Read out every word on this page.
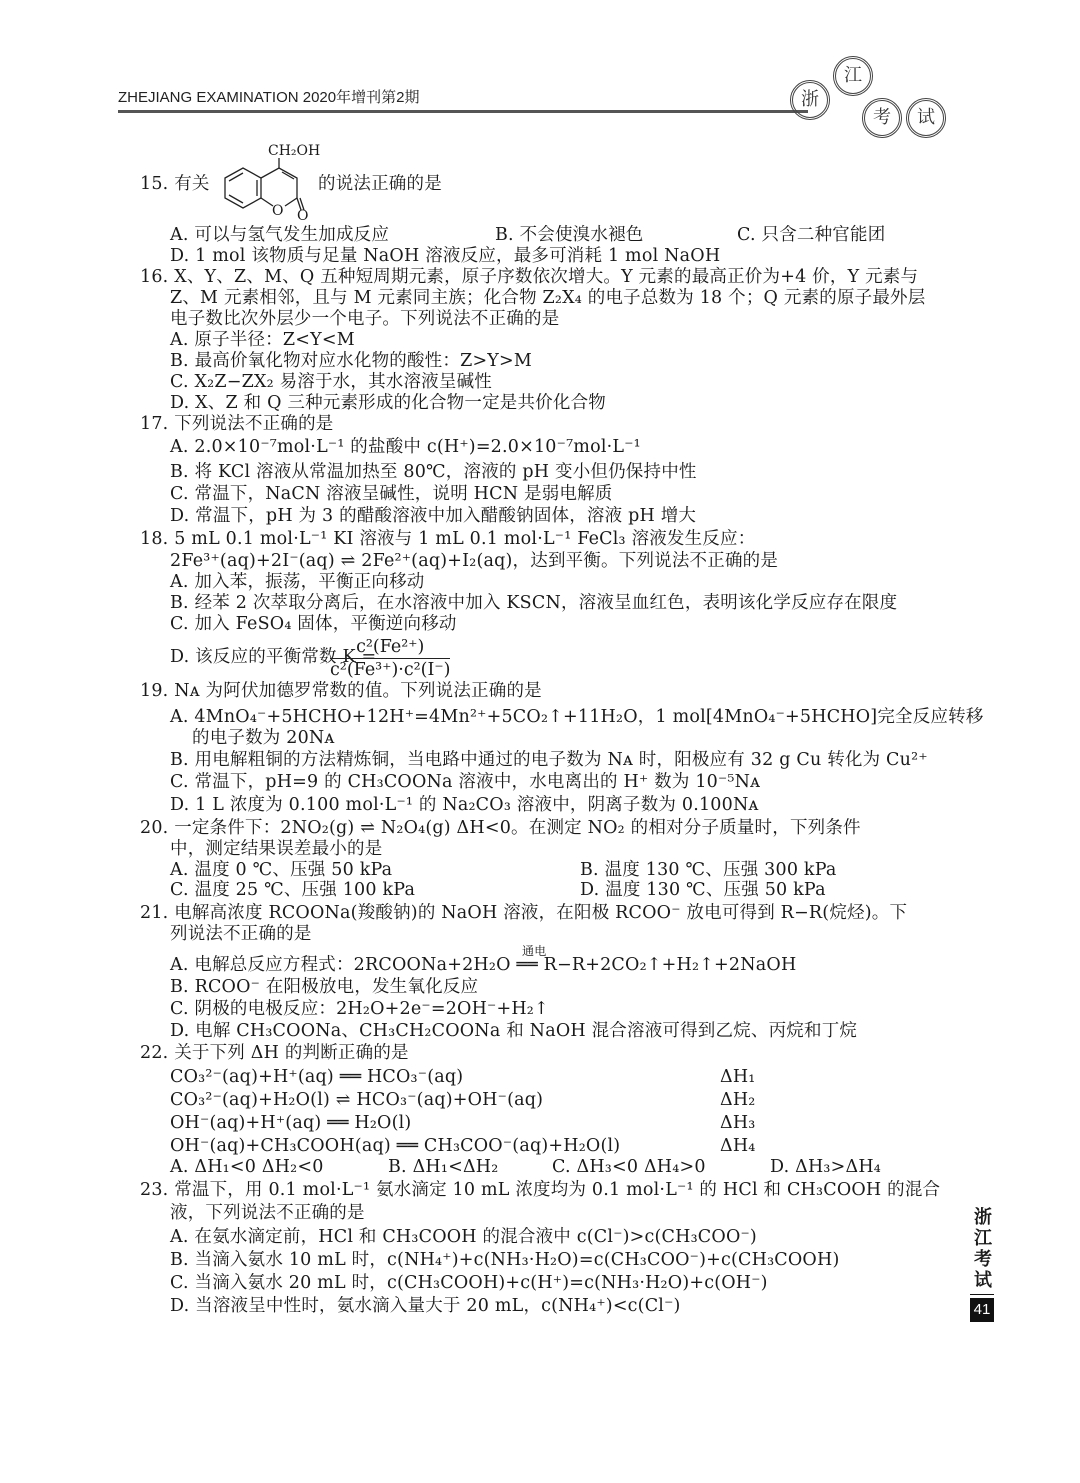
ZHEJIANG EXAMINATION 2020年增刊第2期	浙
江
考	试
15. 有关
CH₂OH
O O
的说法正确的是
A. 可以与氢气发生加成反应	B. 不会使溴水褪色	C. 只含二种官能团
D. 1 mol 该物质与足量 NaOH 溶液反应，最多可消耗 1 mol NaOH
16. X、Y、Z、M、Q 五种短周期元素，原子序数依次增大。Y 元素的最高正价为+4 价，Y 元素与
Z、M 元素相邻，且与 M 元素同主族；化合物 Z₂X₄ 的电子总数为 18 个；Q 元素的原子最外层
电子数比次外层少一个电子。下列说法不正确的是
A. 原子半径：Z<Y<M
B. 最高价氧化物对应水化物的酸性：Z>Y>M
C. X₂Z−ZX₂ 易溶于水，其水溶液呈碱性
D. X、Z 和 Q 三种元素形成的化合物一定是共价化合物
17. 下列说法不正确的是
A. 2.0×10⁻⁷mol·L⁻¹ 的盐酸中 c(H⁺)=2.0×10⁻⁷mol·L⁻¹
B. 将 KCl 溶液从常温加热至 80℃，溶液的 pH 变小但仍保持中性
C. 常温下，NaCN 溶液呈碱性，说明 HCN 是弱电解质
D. 常温下，pH 为 3 的醋酸溶液中加入醋酸钠固体，溶液 pH 增大
18. 5 mL 0.1 mol·L⁻¹ KI 溶液与 1 mL 0.1 mol·L⁻¹ FeCl₃ 溶液发生反应：
2Fe³⁺(aq)+2I⁻(aq) ⇌ 2Fe²⁺(aq)+I₂(aq)，达到平衡。下列说法不正确的是
A. 加入苯，振荡，平衡正向移动
B. 经苯 2 次萃取分离后，在水溶液中加入 KSCN，溶液呈血红色，表明该化学反应存在限度
C. 加入 FeSO₄ 固体，平衡逆向移动
D. 该反应的平衡常数 K =
$\frac{\text{c²(Fe²⁺)}}{\text{c²(Fe³⁺)·c²(I⁻)}}$
19. Nᴀ 为阿伏加德罗常数的值。下列说法正确的是
A. 4MnO₄⁻+5HCHO+12H⁺=4Mn²⁺+5CO₂↑+11H₂O，1 mol[4MnO₄⁻+5HCHO]完全反应转移
的电子数为 20Nᴀ
B. 用电解粗铜的方法精炼铜，当电路中通过的电子数为 Nᴀ 时，阳极应有 32 g Cu 转化为 Cu²⁺
C. 常温下，pH=9 的 CH₃COONa 溶液中，水电离出的 H⁺ 数为 10⁻⁵Nᴀ
D. 1 L 浓度为 0.100 mol·L⁻¹ 的 Na₂CO₃ 溶液中，阴离子数为 0.100Nᴀ
20. 一定条件下：2NO₂(g) ⇌ N₂O₄(g) ΔH<0。在测定 NO₂ 的相对分子质量时，下列条件
中，测定结果误差最小的是
A. 温度 0 ℃、压强 50 kPa	B. 温度 130 ℃、压强 300 kPa
C. 温度 25 ℃、压强 100 kPa	D. 温度 130 ℃、压强 50 kPa
21. 电解高浓度 RCOONa(羧酸钠)的 NaOH 溶液，在阳极 RCOO⁻ 放电可得到 R−R(烷烃)。下
列说法不正确的是
通电
A. 电解总反应方程式：2RCOONa+2H₂O ══ R−R+2CO₂↑+H₂↑+2NaOH
B. RCOO⁻ 在阳极放电，发生氧化反应
C. 阴极的电极反应：2H₂O+2e⁻=2OH⁻+H₂↑
D. 电解 CH₃COONa、CH₃CH₂COONa 和 NaOH 混合溶液可得到乙烷、丙烷和丁烷
22. 关于下列 ΔH 的判断正确的是
CO₃²⁻(aq)+H⁺(aq) ══ HCO₃⁻(aq)	ΔH₁
CO₃²⁻(aq)+H₂O(l) ⇌ HCO₃⁻(aq)+OH⁻(aq)	ΔH₂
OH⁻(aq)+H⁺(aq) ══ H₂O(l)	ΔH₃
OH⁻(aq)+CH₃COOH(aq) ══ CH₃COO⁻(aq)+H₂O(l)	ΔH₄
A. ΔH₁<0 ΔH₂<0	B. ΔH₁<ΔH₂	C. ΔH₃<0 ΔH₄>0	D. ΔH₃>ΔH₄
23. 常温下，用 0.1 mol·L⁻¹ 氨水滴定 10 mL 浓度均为 0.1 mol·L⁻¹ 的 HCl 和 CH₃COOH 的混合
液，下列说法不正确的是
A. 在氨水滴定前，HCl 和 CH₃COOH 的混合液中 c(Cl⁻)>c(CH₃COO⁻)
B. 当滴入氨水 10 mL 时，c(NH₄⁺)+c(NH₃·H₂O)=c(CH₃COO⁻)+c(CH₃COOH)
C. 当滴入氨水 20 mL 时，c(CH₃COOH)+c(H⁺)=c(NH₃·H₂O)+c(OH⁻)
D. 当溶液呈中性时，氨水滴入量大于 20 mL，c(NH₄⁺)<c(Cl⁻)
浙江考试
41
